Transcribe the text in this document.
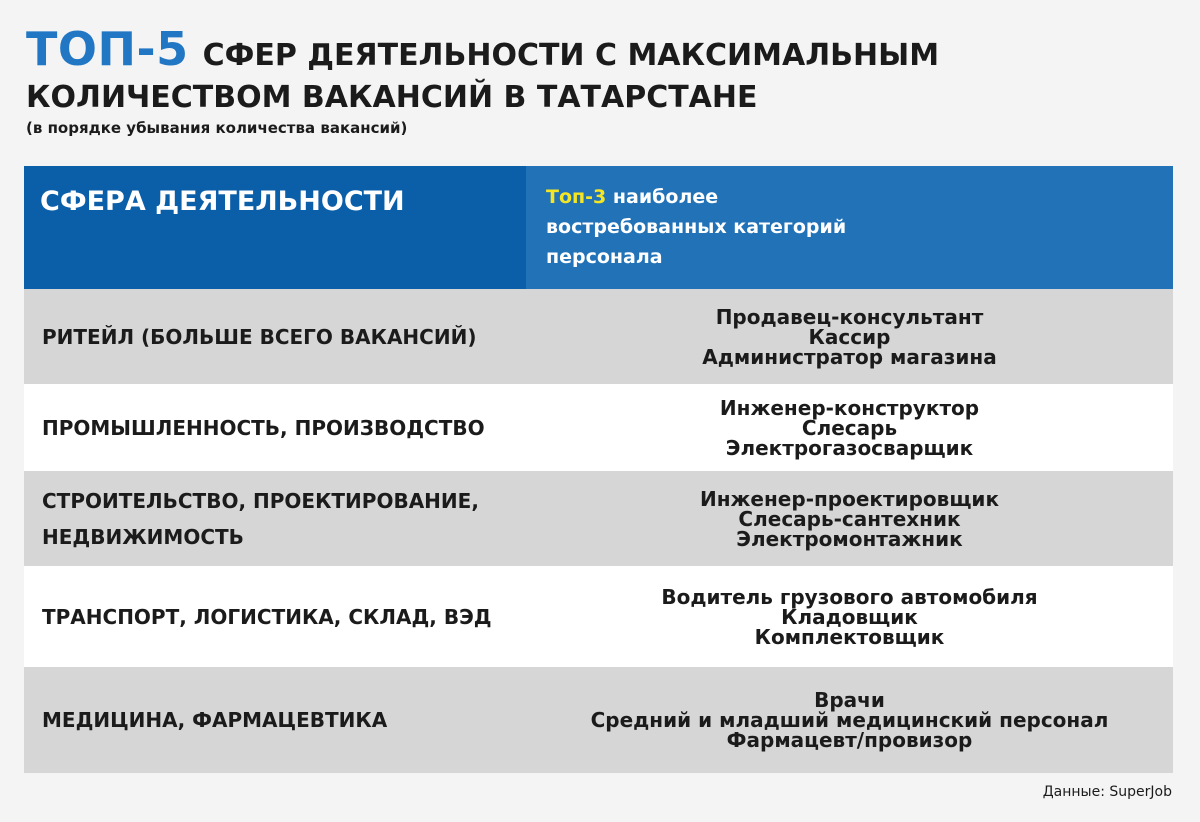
ТОП-5 СФЕР ДЕЯТЕЛЬНОСТИ С МАКСИМАЛЬНЫМ
КОЛИЧЕСТВОМ ВАКАНСИЙ В ТАТАРСТАНЕ
(в порядке убывания количества вакансий)
СФЕРА ДЕЯТЕЛЬНОСТИ	Топ-3 наиболее
востребованных категорий
персонала
РИТЕЙЛ (БОЛЬШЕ ВСЕГО ВАКАНСИЙ)
Продавец-консультант
Кассир
Администратор магазина
ПРОМЫШЛЕННОСТЬ, ПРОИЗВОДСТВО
Инженер-конструктор
Слесарь
Электрогазосварщик
СТРОИТЕЛЬСТВО, ПРОЕКТИРОВАНИЕ,
НЕДВИЖИМОСТЬ
Инженер-проектировщик
Слесарь-сантехник
Электромонтажник
ТРАНСПОРТ, ЛОГИСТИКА, СКЛАД, ВЭД
Водитель грузового автомобиля
Кладовщик
Комплектовщик
МЕДИЦИНА, ФАРМАЦЕВТИКА
Врачи
Средний и младший медицинский персонал
Фармацевт/провизор
Данные: SuperJob
